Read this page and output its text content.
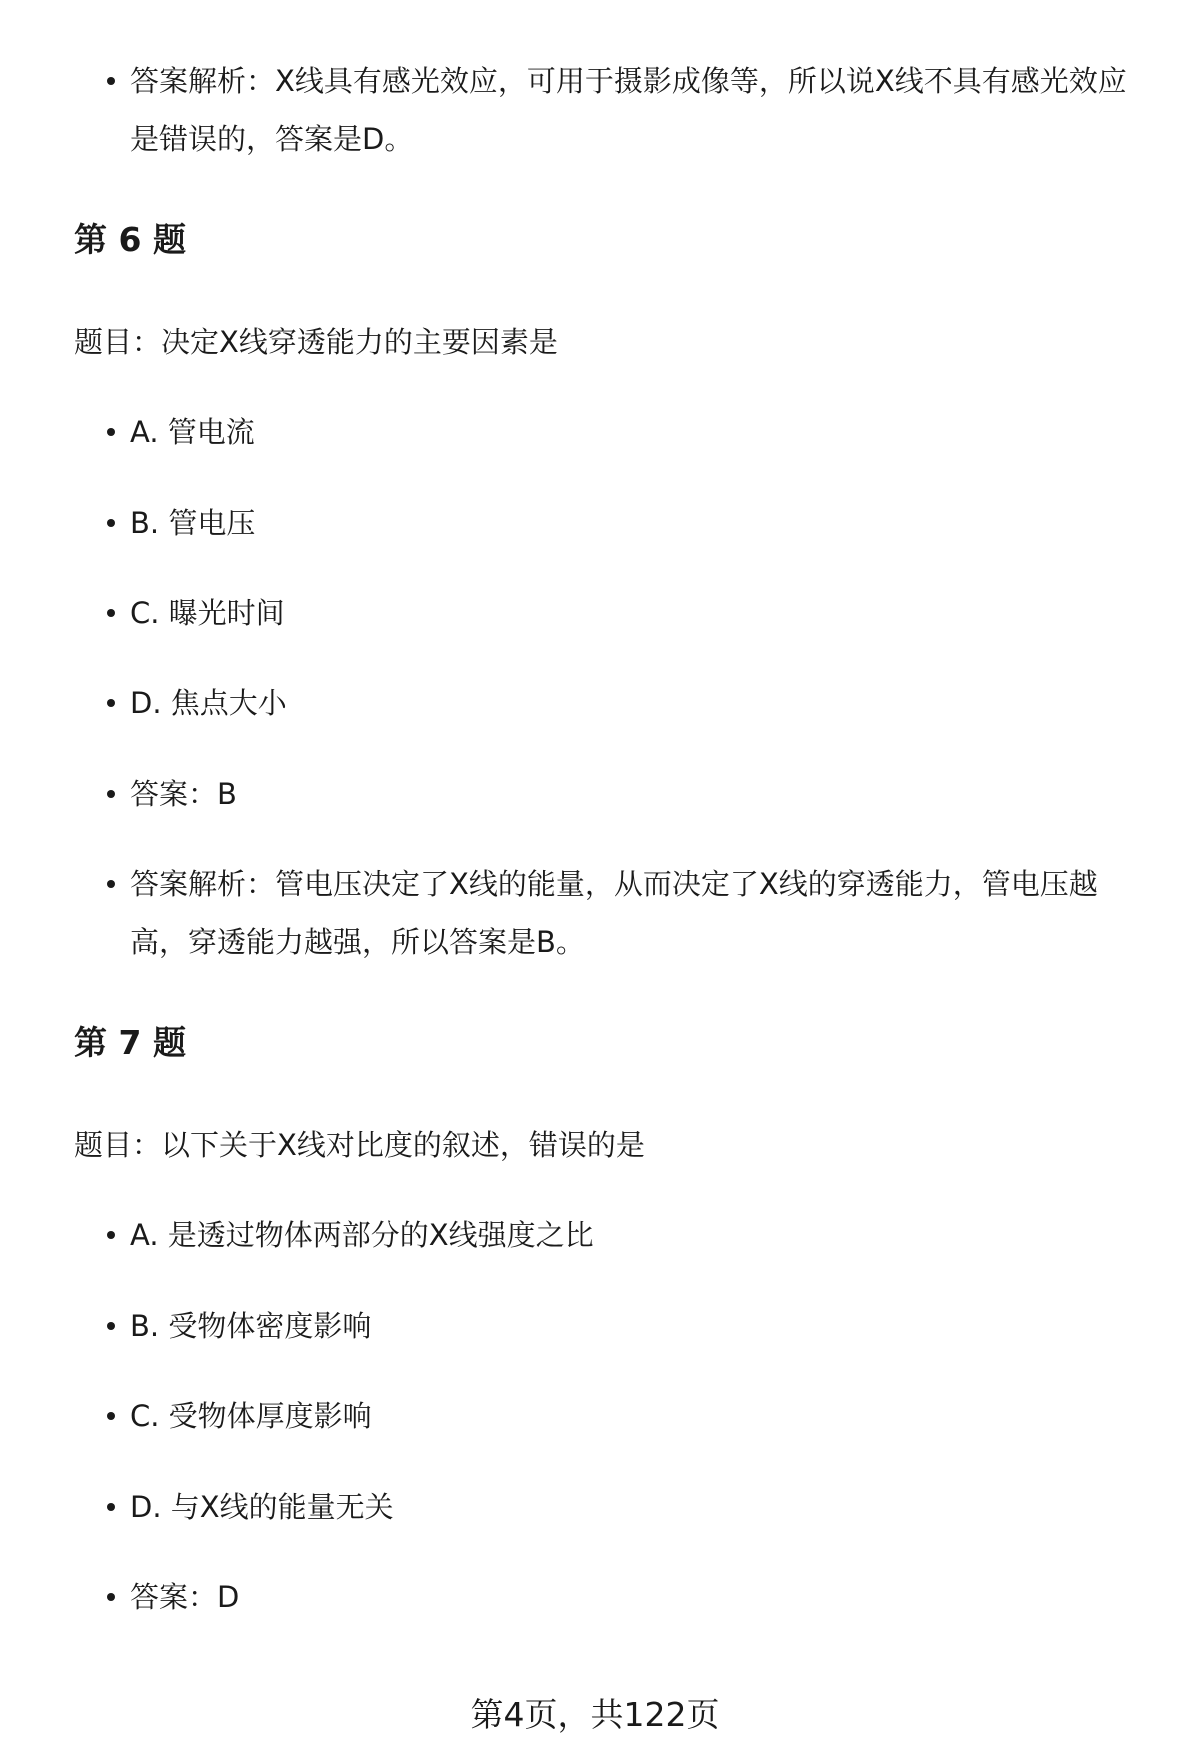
答案解析：X线具有感光效应，可用于摄影成像等，所以说X线不具有感光效应
是错误的，答案是D。
第 6 题
题目：决定X线穿透能力的主要因素是
A. 管电流
B. 管电压
C. 曝光时间
D. 焦点大小
答案：B
答案解析：管电压决定了X线的能量，从而决定了X线的穿透能力，管电压越
高，穿透能力越强，所以答案是B。
第 7 题
题目：以下关于X线对比度的叙述，错误的是
A. 是透过物体两部分的X线强度之比
B. 受物体密度影响
C. 受物体厚度影响
D. 与X线的能量无关
答案：D
第4页，共122页
